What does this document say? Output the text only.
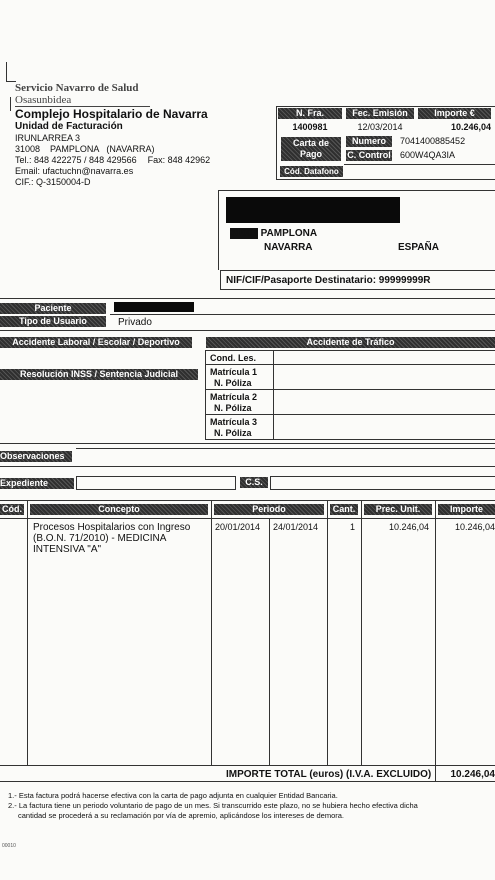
Servicio Navarro de Salud
Osasunbidea
Complejo Hospitalario de Navarra
Unidad de Facturación
IRUNLARREA 3
31008    PAMPLONA   (NAVARRA)
Tel.: 848 422275 / 848 429566 Fax: 848 42962
Email: ufactuchn@navarra.es
CIF.: Q-3150004-D
N. Fra.	Fec. Emisión	Importe €
1400981	12/03/2014	10.246,04
Carta de Pago
Numero	7041400885452
C. Control 600W4QA3IA
Cód. Datafono
31007 PAMPLONA
NAVARRA	ESPAÑA
NIF/CIF/Pasaporte Destinatario: 99999999R
Paciente
Tipo de Usuario	Privado
Accidente Laboral / Escolar / Deportivo	Accidente de Tráfico
Cond. Les.
Matrícula 1
N. Póliza
Matrícula 2
N. Póliza
Matrícula 3
N. Póliza
Resolución INSS / Sentencia Judicial
Observaciones
Expediente	C.S.
Cód.	Concepto	Periodo	Cant.	Prec. Unit.	Importe
Procesos Hospitalarios con Ingreso
(B.O.N. 71/2010) - MEDICINA
INTENSIVA "A"
20/01/2014 24/01/2014	1	10.246,04	10.246,04
IMPORTE TOTAL (euros) (I.V.A. EXCLUIDO)	10.246,04
1.- Esta factura podrá hacerse efectiva con la carta de pago adjunta en cualquier Entidad Bancaria.
2.- La factura tiene un periodo voluntario de pago de un mes. Si transcurrido este plazo, no se hubiera hecho efectiva dicha
cantidad se procederá a su reclamación por vía de apremio, aplicándose los intereses de demora.
00010
